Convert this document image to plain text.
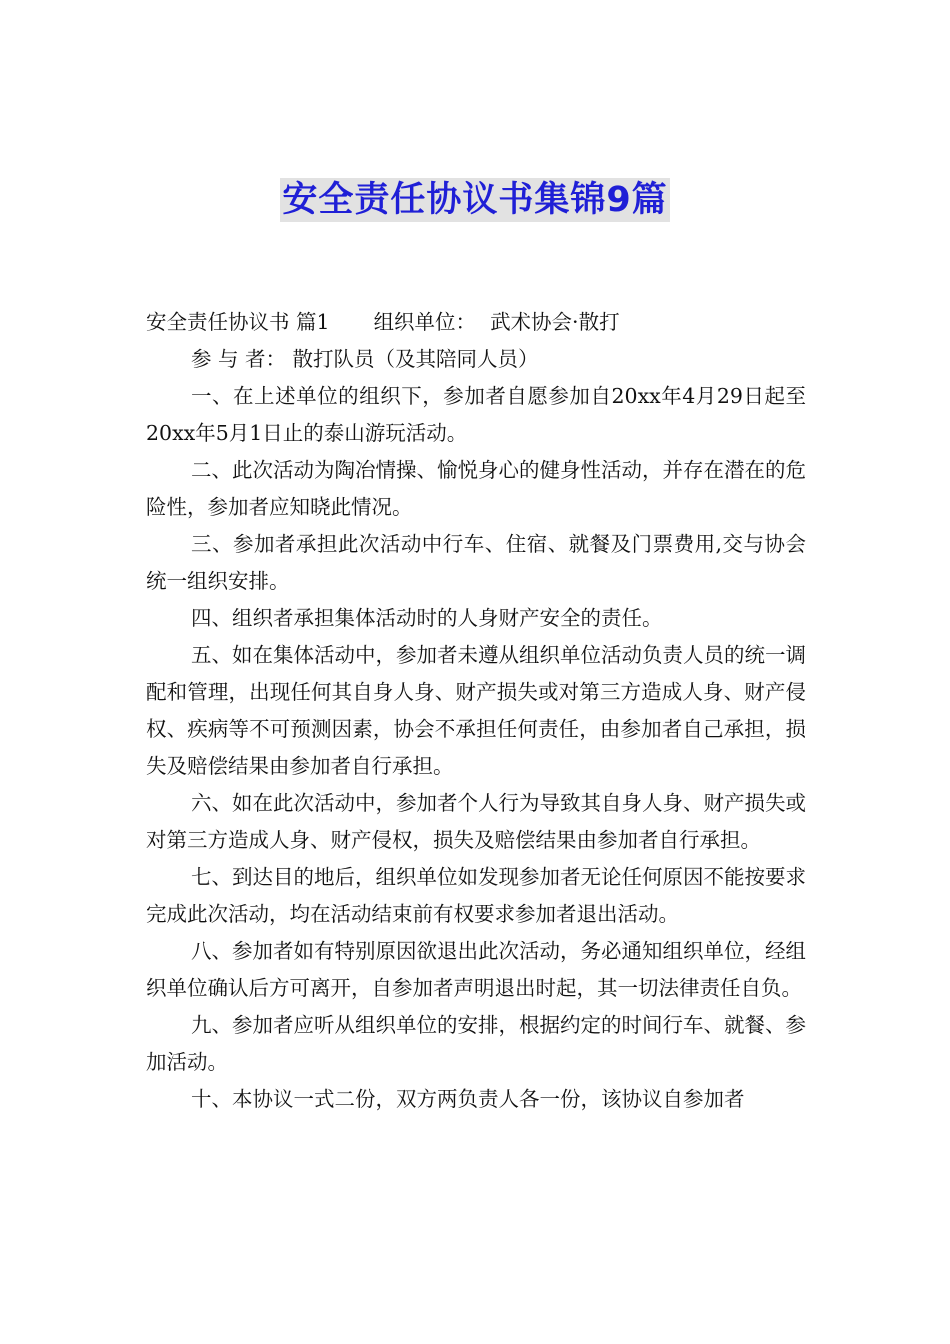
安全责任协议书集锦9篇

安全责任协议书 篇1 组织单位： 武术协会·散打

参 与 者： 散打队员（及其陪同人员）

一、在上述单位的组织下，参加者自愿参加自20xx年4月29日起至20xx年5月1日止的泰山游玩活动。

二、此次活动为陶冶情操、愉悦身心的健身性活动，并存在潜在的危险性，参加者应知晓此情况。

三、参加者承担此次活动中行车、住宿、就餐及门票费用,交与协会统一组织安排。

四、组织者承担集体活动时的人身财产安全的责任。

五、如在集体活动中，参加者未遵从组织单位活动负责人员的统一调配和管理，出现任何其自身人身、财产损失或对第三方造成人身、财产侵权、疾病等不可预测因素，协会不承担任何责任，由参加者自己承担，损失及赔偿结果由参加者自行承担。

六、如在此次活动中，参加者个人行为导致其自身人身、财产损失或对第三方造成人身、财产侵权，损失及赔偿结果由参加者自行承担。

七、到达目的地后，组织单位如发现参加者无论任何原因不能按要求完成此次活动，均在活动结束前有权要求参加者退出活动。

八、参加者如有特别原因欲退出此次活动，务必通知组织单位，经组织单位确认后方可离开，自参加者声明退出时起，其一切法律责任自负。

九、参加者应听从组织单位的安排，根据约定的时间行车、就餐、参加活动。

十、本协议一式二份，双方两负责人各一份，该协议自参加者
